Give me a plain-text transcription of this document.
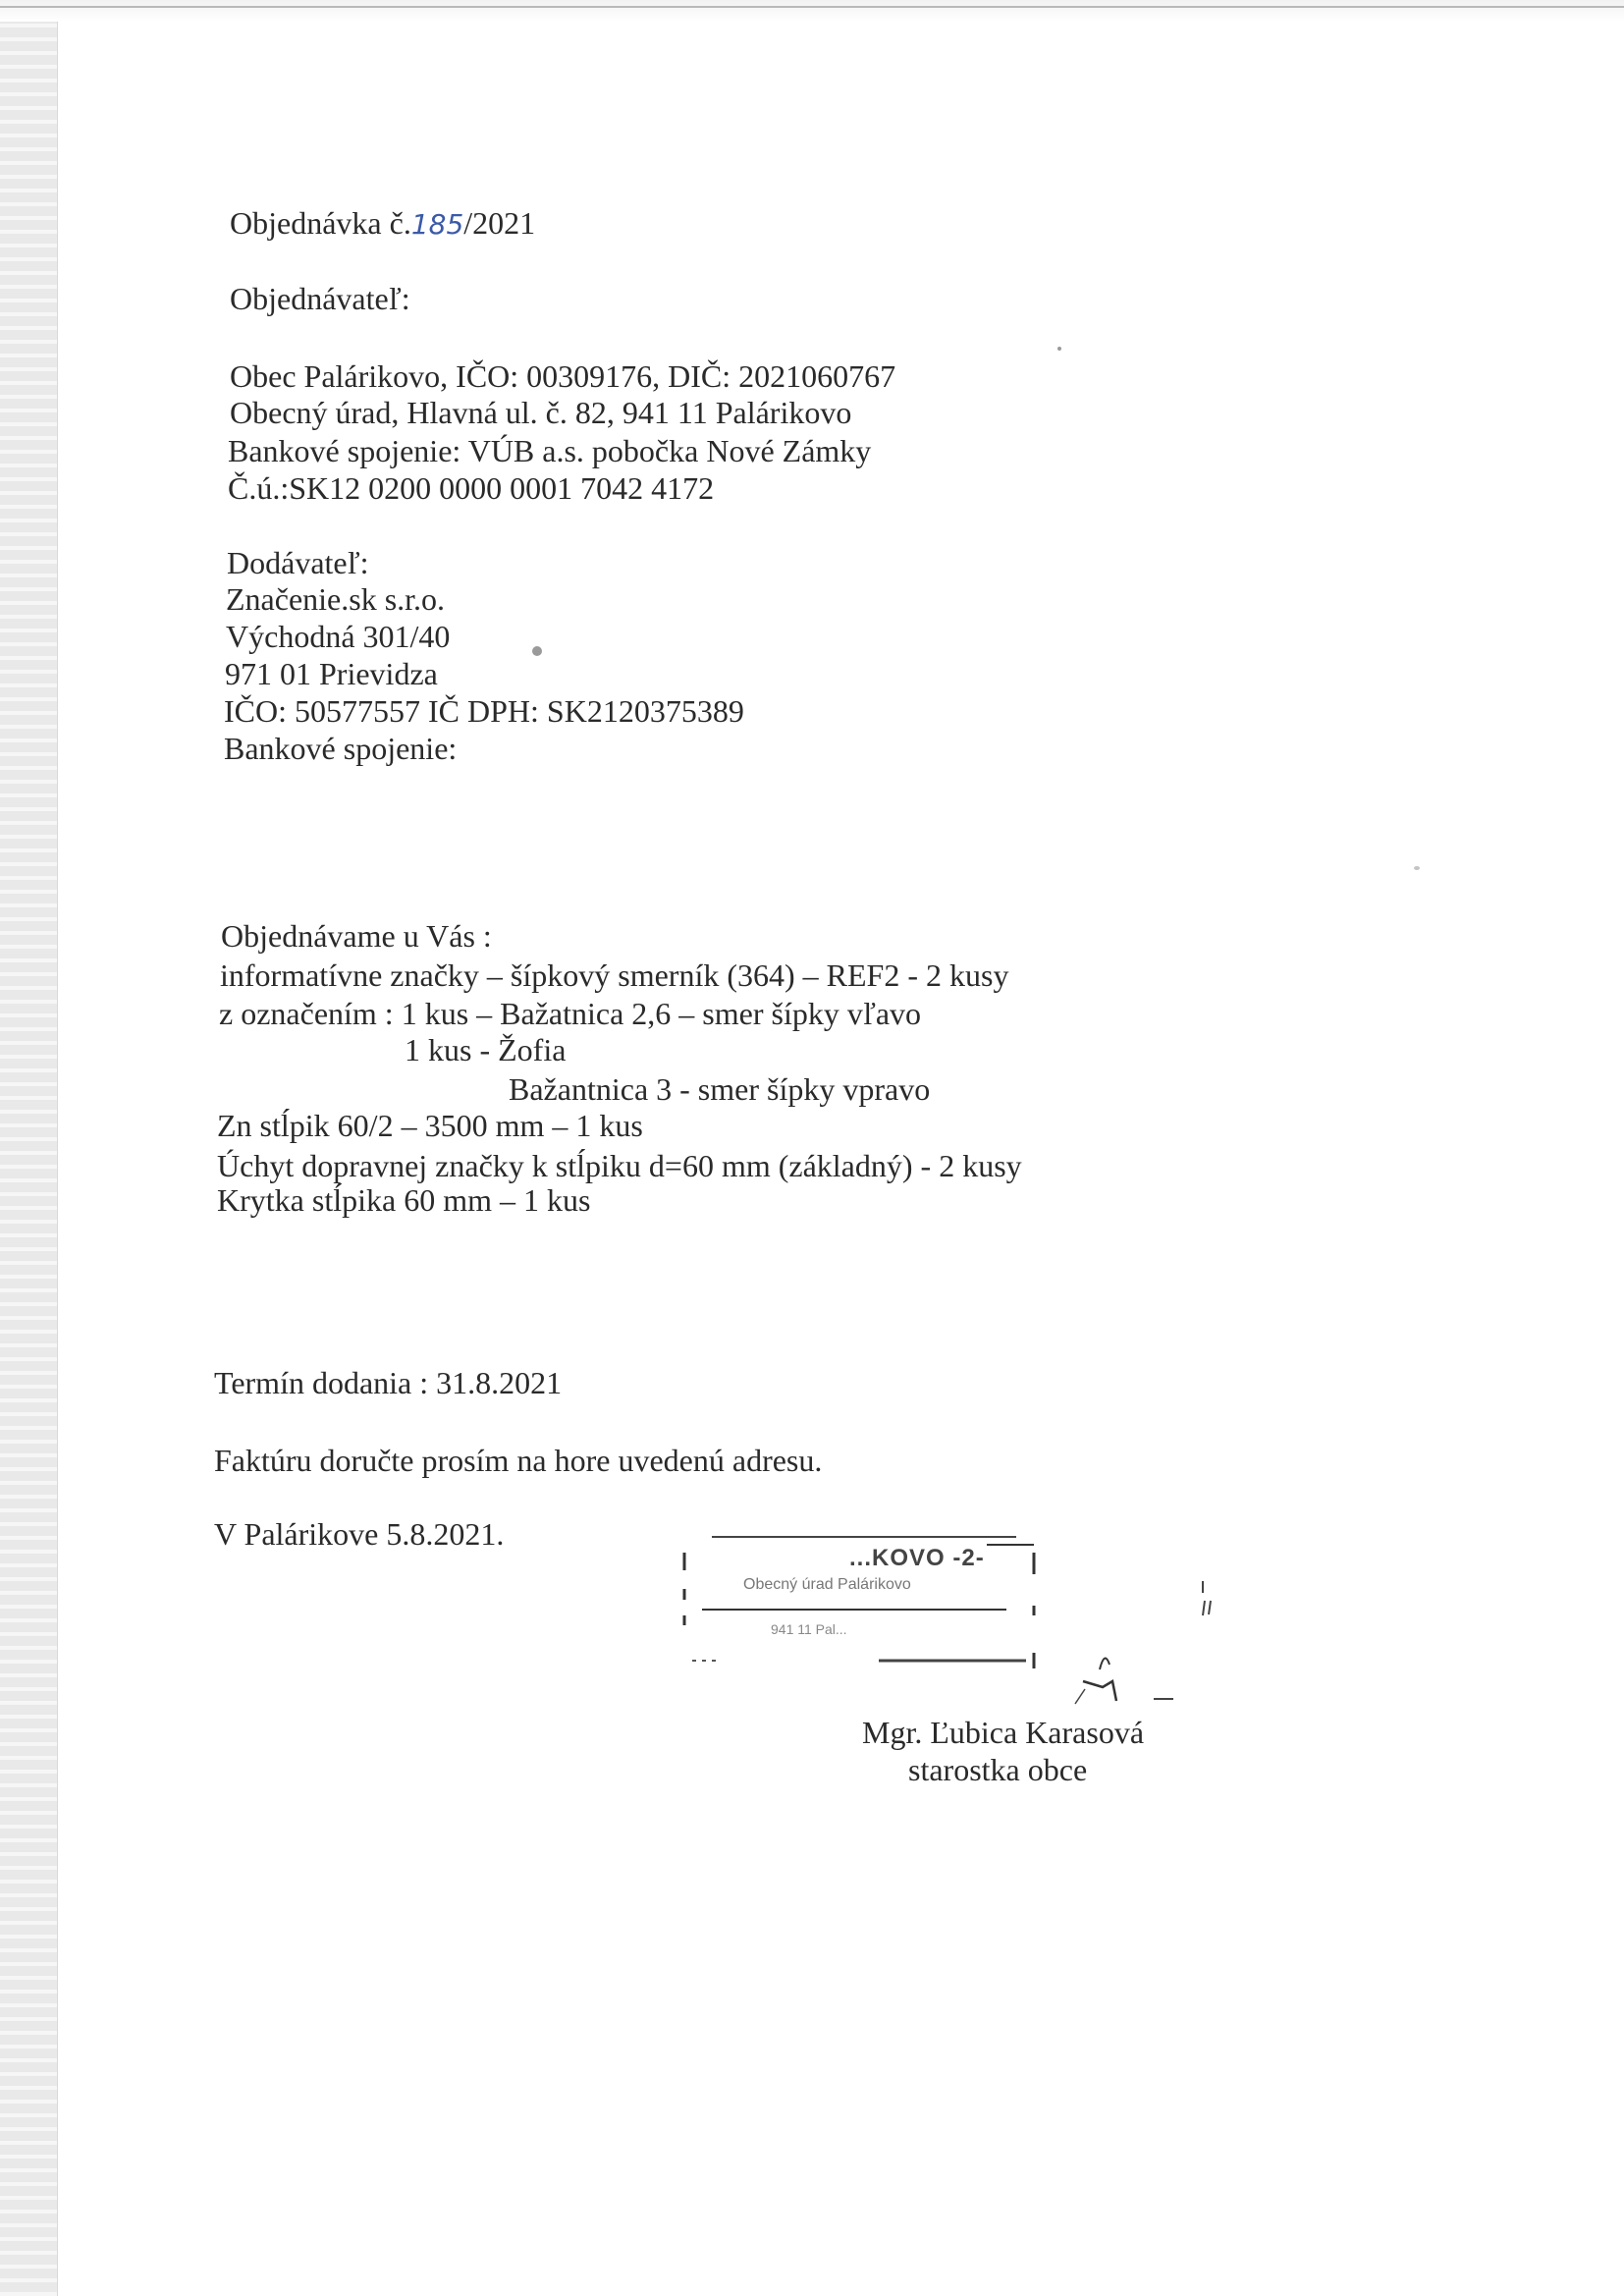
Objednávka č.185/2021
Objednávateľ:
Obec Palárikovo, IČO: 00309176, DIČ: 2021060767
Obecný úrad, Hlavná ul. č. 82, 941 11 Palárikovo
Bankové spojenie: VÚB a.s. pobočka Nové Zámky
Č.ú.:SK12 0200 0000 0001 7042 4172
Dodávateľ:
Značenie.sk s.r.o.
Východná 301/40
971 01 Prievidza
IČO: 50577557 IČ DPH: SK2120375389
Bankové spojenie:
Objednávame u Vás :
informatívne značky – šípkový smerník (364) – REF2 - 2 kusy
z označením : 1 kus – Bažatnica 2,6 – smer šípky vľavo
1 kus - Žofia
Bažantnica 3 - smer šípky vpravo
Zn stĺpik 60/2 – 3500 mm – 1 kus
Úchyt dopravnej značky k stĺpiku d=60 mm (základný) - 2 kusy
Krytka stĺpika 60 mm – 1 kus
Termín dodania : 31.8.2021
Faktúru doručte prosím na hore uvedenú adresu.
V Palárikove 5.8.2021.
...KOVO -2-
Obecný úrad Palárikovo
941 11 Pal...
Mgr. Ľubica Karasová
starostka obce
